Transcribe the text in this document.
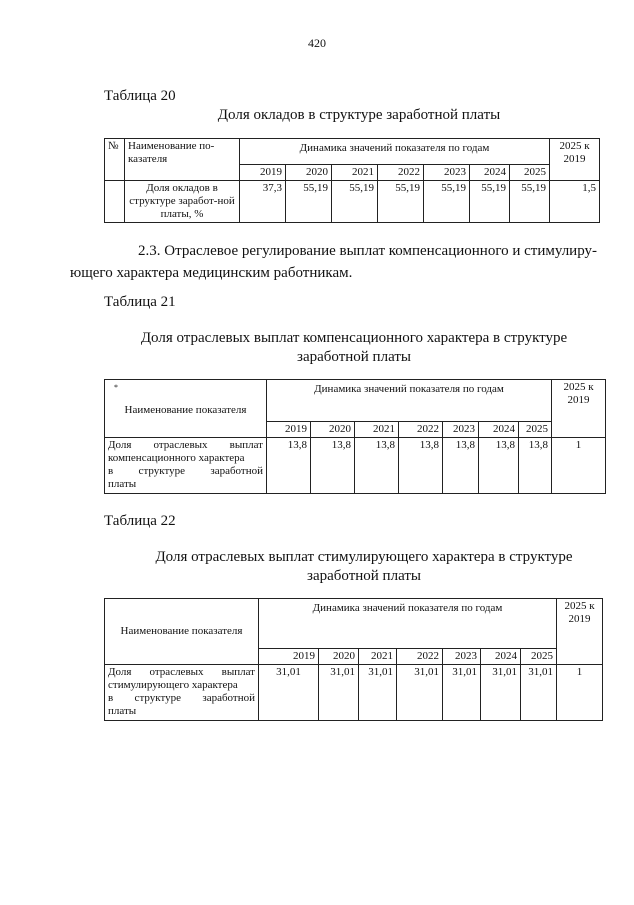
420
Таблица 20
Доля окладов в структуре заработной платы
№	Наименование по-казателя	Динамика значений показателя по годам							2025 к 2019
		2019	2020	2021	2022	2023	2024	2025	
	Доля окладов в структуре заработ-ной платы, %	37,3	55,19	55,19	55,19	55,19	55,19	55,19	1,5
2.3. Отраслевое регулирование выплат компенсационного и стимулиру-
ющего характера медицинским работникам.
Таблица 21
Доля отраслевых выплат компенсационного характера в структуре
заработной платы
*
Наименование показателя	Динамика значений показателя по годам							2025 к 2019
	2019	2020	2021	2022	2023	2024	2025	

Доля отраслевых выплат
компенсационного характера
в структуре заработной
платы	13,8	13,8	13,8	13,8	13,8	13,8	13,8	1
Таблица 22
Доля отраслевых выплат стимулирующего характера в структуре
заработной платы
Наименование показателя	Динамика значений показателя по годам							2025 к 2019
	2019	2020	2021	2022	2023	2024	2025	

Доля отраслевых выплат
стимулирующего характера
в структуре заработной
платы	31,01	31,01	31,01	31,01	31,01	31,01	31,01	1
